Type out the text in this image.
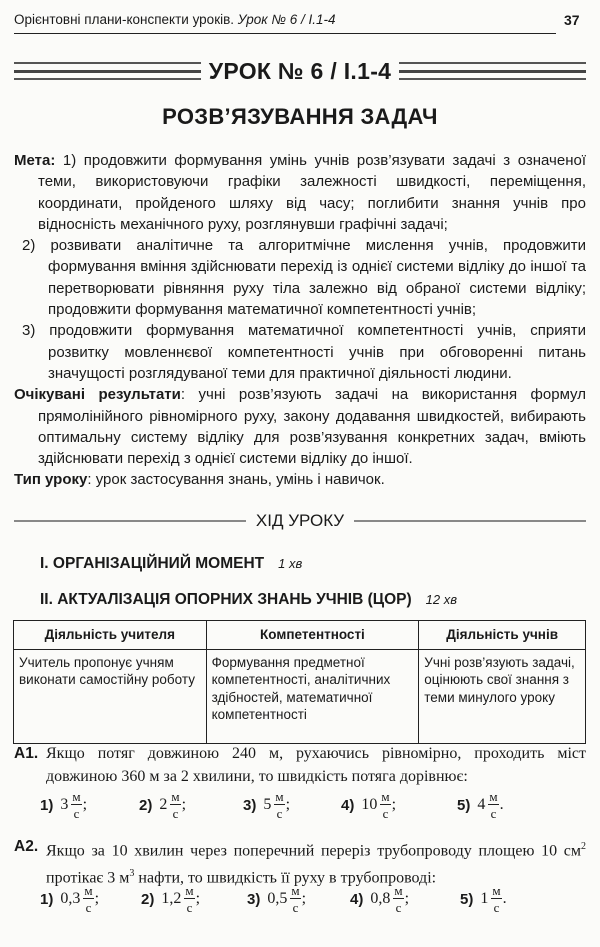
Орієнтовні плани-конспекти уроків. Урок № 6 / I.1-4	37
УРОК № 6 / I.1-4
РОЗВ’ЯЗУВАННЯ ЗАДАЧ
Мета: 1) продовжити формування умінь учнів розв’язувати задачі з означеної теми, використовуючи графіки залежності швидкості, переміщення, координати, пройденого шляху від часу; поглибити знання учнів про відносність механічного руху, розглянувши графічні задачі;
2) розвивати аналітичне та алгоритмічне мислення учнів, продовжити формування вміння здійснювати перехід із однієї системи відліку до іншої та перетворювати рівняння руху тіла залежно від обраної системи відліку; продовжити формування математичної компетентності учнів;
3) продовжити формування математичної компетентності учнів, сприяти розвитку мовленнєвої компетентності учнів при обговоренні питань значущості розглядуваної теми для практичної діяльності людини.
Очікувані результати: учні розв’язують задачі на використання формул прямолінійного рівномірного руху, закону додавання швидкостей, вибирають оптимальну систему відліку для розв’язування конкретних задач, вміють здійснювати перехід з однієї системи відліку до іншої.
Тип уроку: урок застосування знань, умінь і навичок.
ХІД УРОКУ
I. ОРГАНІЗАЦІЙНИЙ МОМЕНТ 1 хв
II. АКТУАЛІЗАЦІЯ ОПОРНИХ ЗНАНЬ УЧНІВ (ЦОР) 12 хв
Діяльність учителя	Компетентності	Діяльність учнів
Учитель пропонує учням виконати самостійну роботу	Формування предметної компетентності, аналітичних здібностей, математичної компетентності	Учні розв’язують задачі, оцінюють свої знання з теми минулого уроку
А1. Якщо потяг довжиною 240 м, рухаючись рівномірно, проходить міст довжиною 360 м за 2 хвилини, то швидкість потяга дорівнює:
1) $3 \frac{м}{с}$ ;	2) $2 \frac{м}{с}$ ;	3) $5 \frac{м}{с}$ ;	4) $10 \frac{м}{с}$ ;	5) $4 \frac{м}{с}$ .
А2. Якщо за 10 хвилин через поперечний переріз трубопроводу площею 10 $см^2$ протікає 3 $м^3$ нафти, то швидкість її руху в трубопроводі:
1) $0,3 \frac{м}{с}$ ;	2) $1,2 \frac{м}{с}$ ;	3) $0,5 \frac{м}{с}$ ;	4) $0,8 \frac{м}{с}$ ;	5) $1 \frac{м}{с}$ .
